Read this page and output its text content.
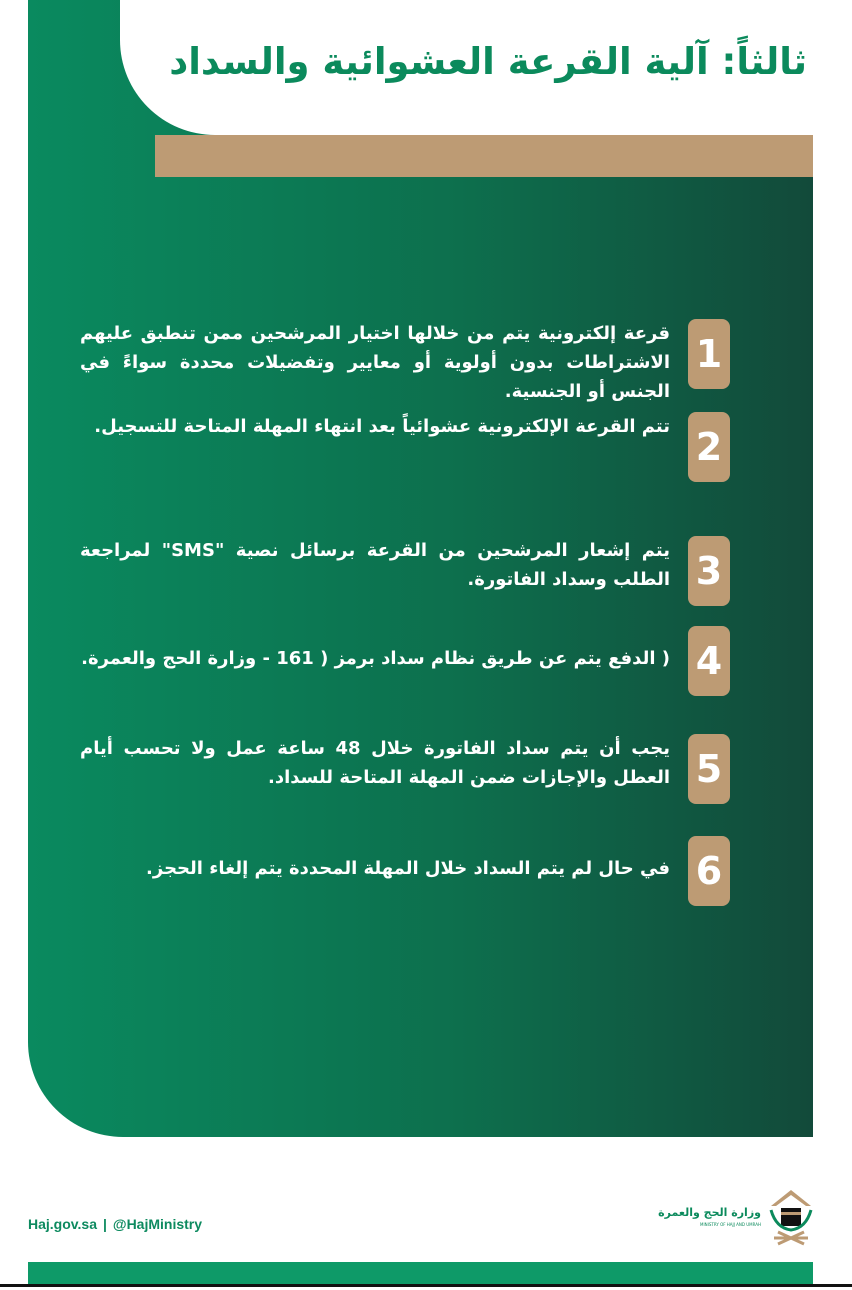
ثالثاً: آلية القرعة العشوائية والسداد
1
قرعة إلكترونية يتم من خلالها اختيار المرشحين ممن تنطبق عليهم الاشتراطات بدون أولوية أو معايير وتفضيلات محددة سواءً في الجنس أو الجنسية.
2
تتم القرعة الإلكترونية عشوائياً بعد انتهاء المهلة المتاحة للتسجيل.
3
يتم إشعار المرشحين من القرعة برسائل نصية "SMS" لمراجعة الطلب وسداد الفاتورة.
4
( الدفع يتم عن طريق نظام سداد برمز ( 161 - وزارة الحج والعمرة.
5
يجب أن يتم سداد الفاتورة خلال 48 ساعة عمل ولا تحسب أيام العطل والإجازات ضمن المهلة المتاحة للسداد.
6
في حال لم يتم السداد خلال المهلة المحددة يتم إلغاء الحجز.
Haj.gov.sa | @HajMinistry
وزارة الحج والعمرة
MINISTRY OF HAJJ AND UMRAH
